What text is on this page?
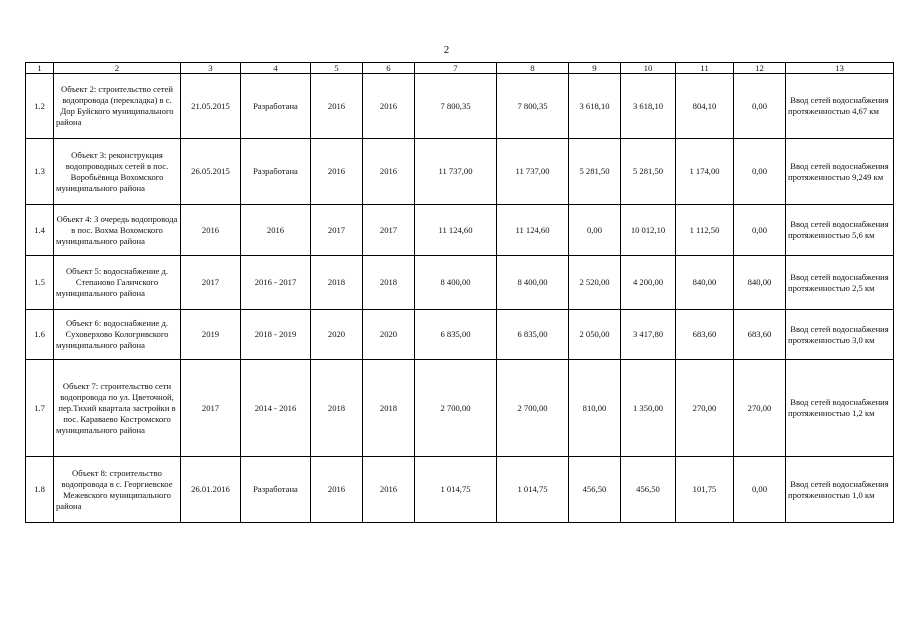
2
1	2	3	4	5	6	7	8	9	10	11	12	13
1.2	Объект 2: строительство сетей водопровода (перекладка) в с. Дор Буйского муниципального района	21.05.2015	Разработана	2016	2016	7 800,35	7 800,35	3 618,10	3 618,10	804,10	0,00	Ввод сетей водоснабжения протяженностью 4,67 км
1.3	Объект 3: реконструкция водопроводных сетей в пос. Воробьёвица Вохомского муниципального района	26.05.2015	Разработана	2016	2016	11 737,00	11 737,00	5 281,50	5 281,50	1 174,00	0,00	Ввод сетей водоснабжения протяженностью 9,249 км
1.4	Объект 4: 3 очередь водопровода в пос. Вохма Вохомского муниципального района	2016	2016	2017	2017	11 124,60	11 124,60	0,00	10 012,10	1 112,50	0,00	Ввод сетей водоснабжения протяженностью 5,6 км
1.5	Объект 5: водоснабжение д. Степаново Галичского муниципального района	2017	2016 - 2017	2018	2018	8 400,00	8 400,00	2 520,00	4 200,00	840,00	840,00	Ввод сетей водоснабжения протяженностью 2,5 км
1.6	Объект 6: водоснабжение д. Суховерхово Кологривского муниципального района	2019	2018 - 2019	2020	2020	6 835,00	6 835,00	2 050,00	3 417,80	683,60	683,60	Ввод сетей водоснабжения протяженностью 3,0 км
1.7	Объект 7: строительство сети водопровода по ул. Цветочной, пер.Тихий квартала застройки в пос. Караваево Костромского муниципального района	2017	2014 - 2016	2018	2018	2 700,00	2 700,00	810,00	1 350,00	270,00	270,00	Ввод сетей водоснабжения протяженностью 1,2 км
1.8	Объект 8: строительство водопровода в с. Георгиевское Межевского муниципального района	26.01.2016	Разработана	2016	2016	1 014,75	1 014,75	456,50	456,50	101,75	0,00	Ввод сетей водоснабжения протяженностью 1,0 км
